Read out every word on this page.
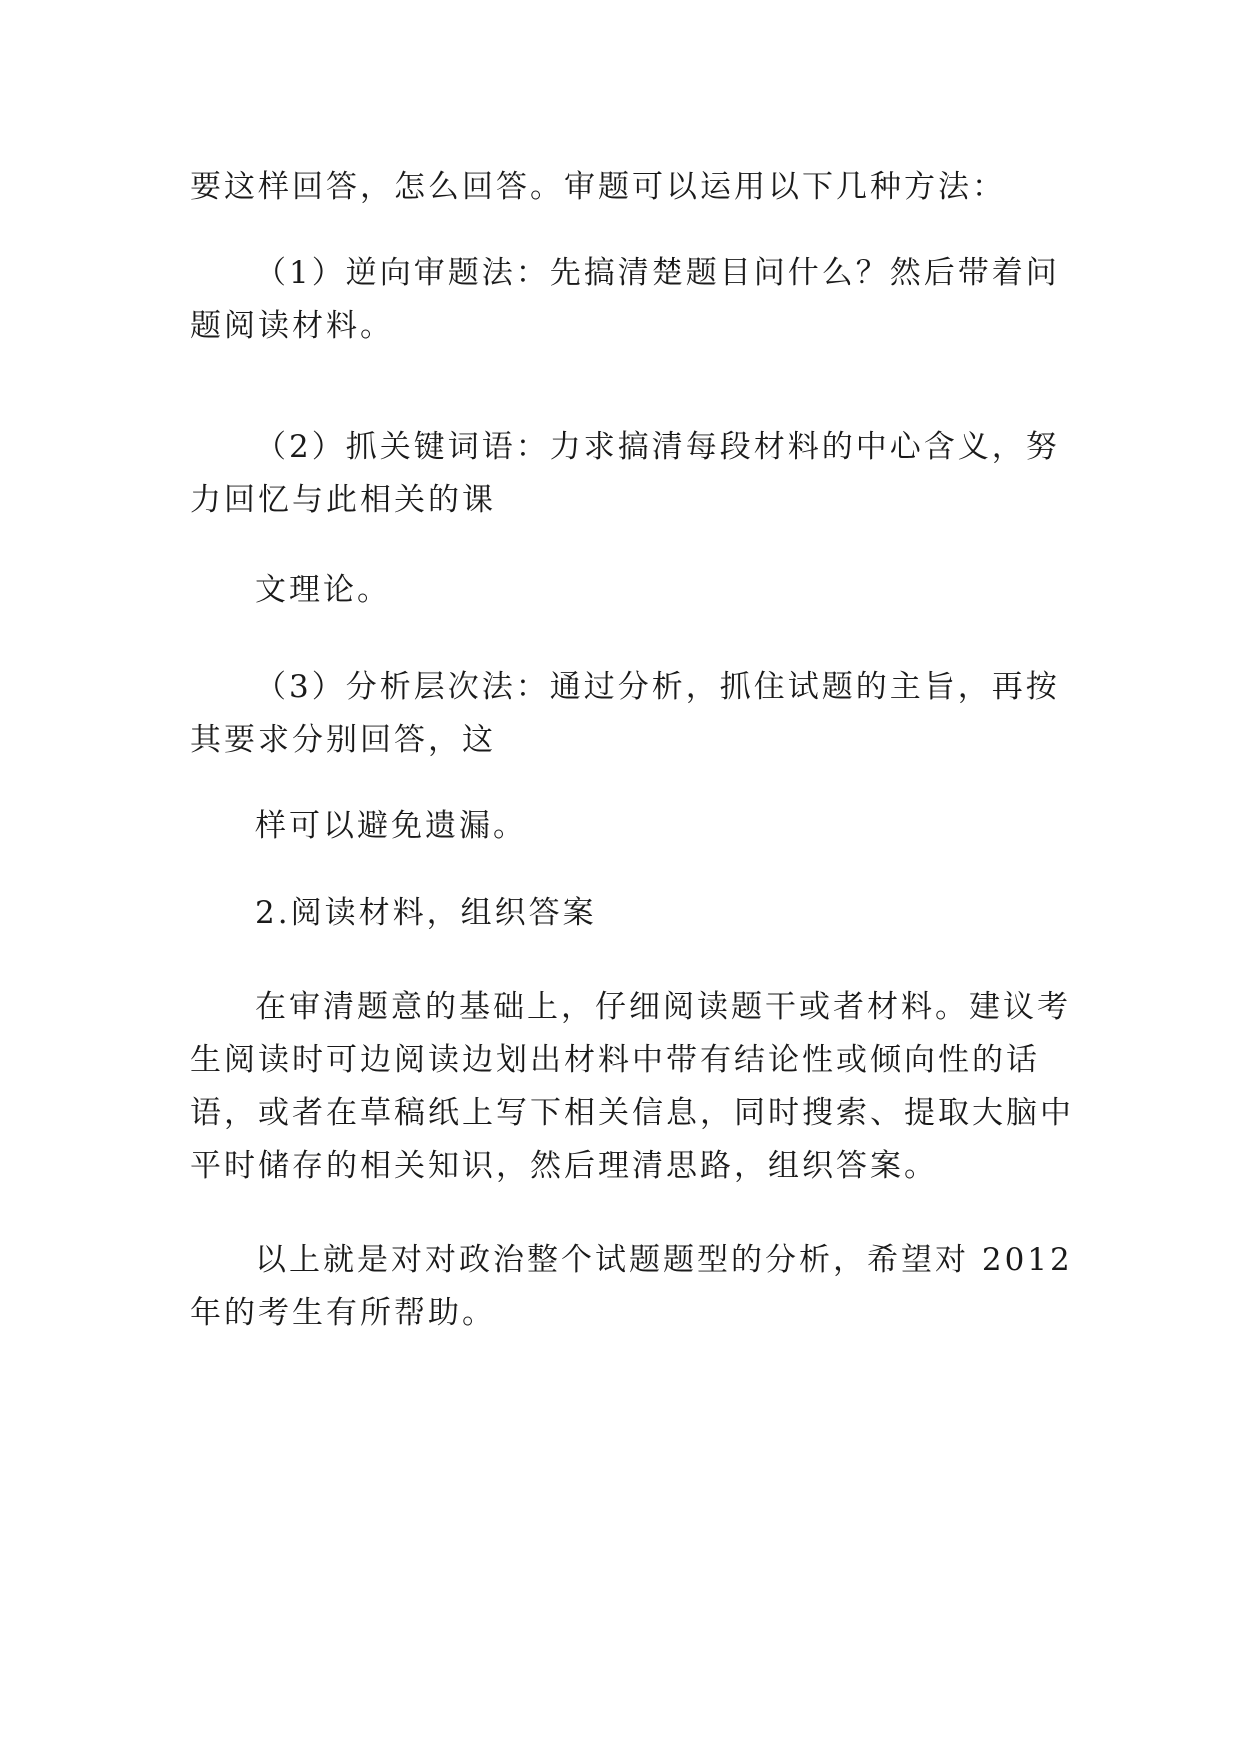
要这样回答，怎么回答。审题可以运用以下几种方法：
（1）逆向审题法：先搞清楚题目问什么？然后带着问
题阅读材料。
（2）抓关键词语：力求搞清每段材料的中心含义，努
力回忆与此相关的课
文理论。
（3）分析层次法：通过分析，抓住试题的主旨，再按
其要求分别回答，这
样可以避免遗漏。
2.阅读材料，组织答案
在审清题意的基础上，仔细阅读题干或者材料。建议考
生阅读时可边阅读边划出材料中带有结论性或倾向性的话
语，或者在草稿纸上写下相关信息，同时搜索、提取大脑中
平时储存的相关知识，然后理清思路，组织答案。
以上就是对对政治整个试题题型的分析，希望对 2012
年的考生有所帮助。
